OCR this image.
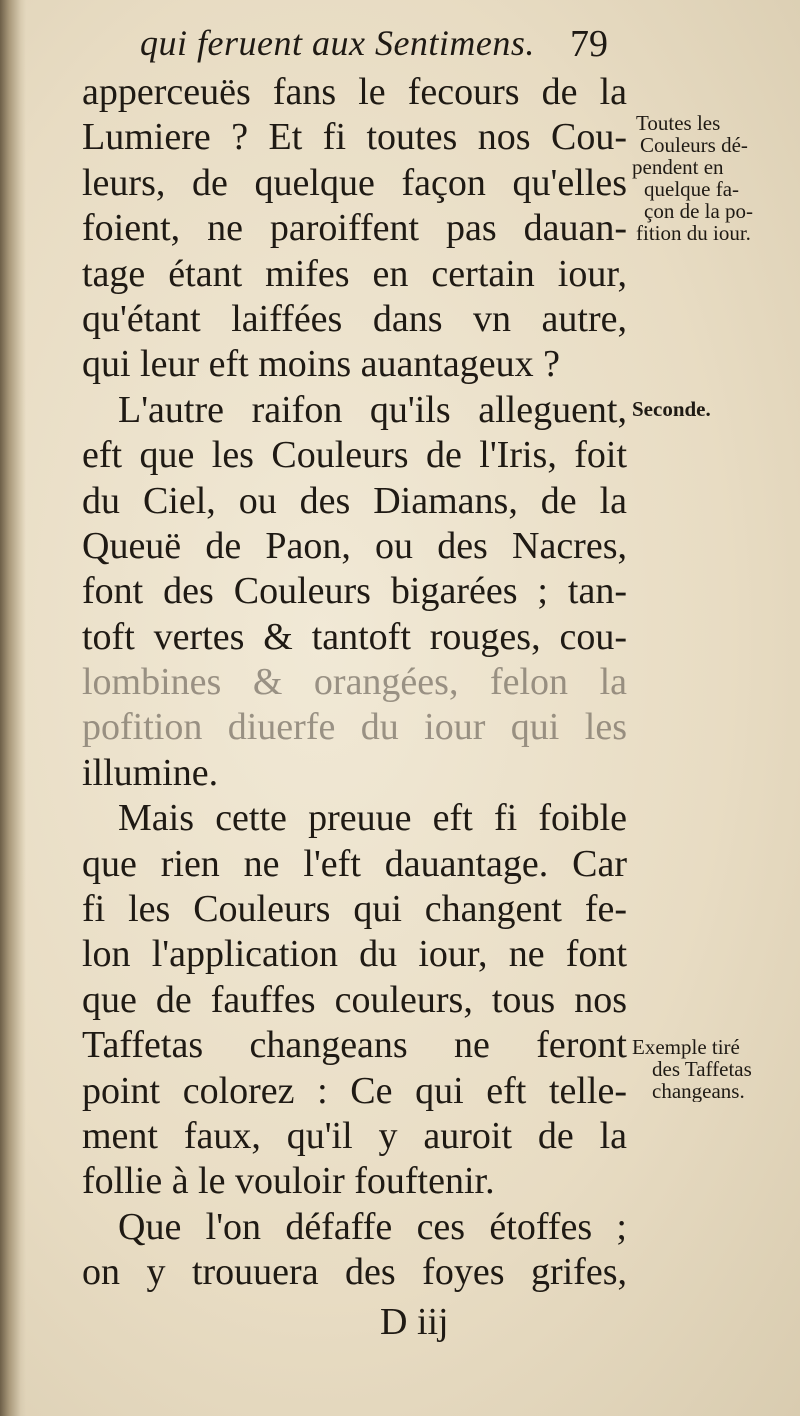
qui feruent aux Sentimens. 79
apperceuës fans le fecours de la
Lumiere ? Et fi toutes nos Cou-
leurs, de quelque façon qu'elles
foient, ne paroiffent pas dauan-
tage étant mifes en certain iour,
qu'étant laiffées dans vn autre,
qui leur eft moins auantageux ?
L'autre raifon qu'ils alleguent,
eft que les Couleurs de l'Iris, foit
du Ciel, ou des Diamans, de la
Queuë de Paon, ou des Nacres,
font des Couleurs bigarées ; tan-
toft vertes & tantoft rouges, cou-
lombines & orangées, felon la
pofition diuerfe du iour qui les
illumine.
Mais cette preuue eft fi foible
que rien ne l'eft dauantage. Car
fi les Couleurs qui changent fe-
lon l'application du iour, ne font
que de fauffes couleurs, tous nos
Taffetas changeans ne feront
point colorez : Ce qui eft telle-
ment faux, qu'il y auroit de la
follie à le vouloir fouftenir.
Que l'on défaffe ces étoffes ;
on y trouuera des foyes grifes,
D iij
Toutes les
Couleurs dé-
pendent en
quelque fa-
çon de la po-
fition du iour.
Seconde.
Exemple tiré
des Taffetas
changeans.
